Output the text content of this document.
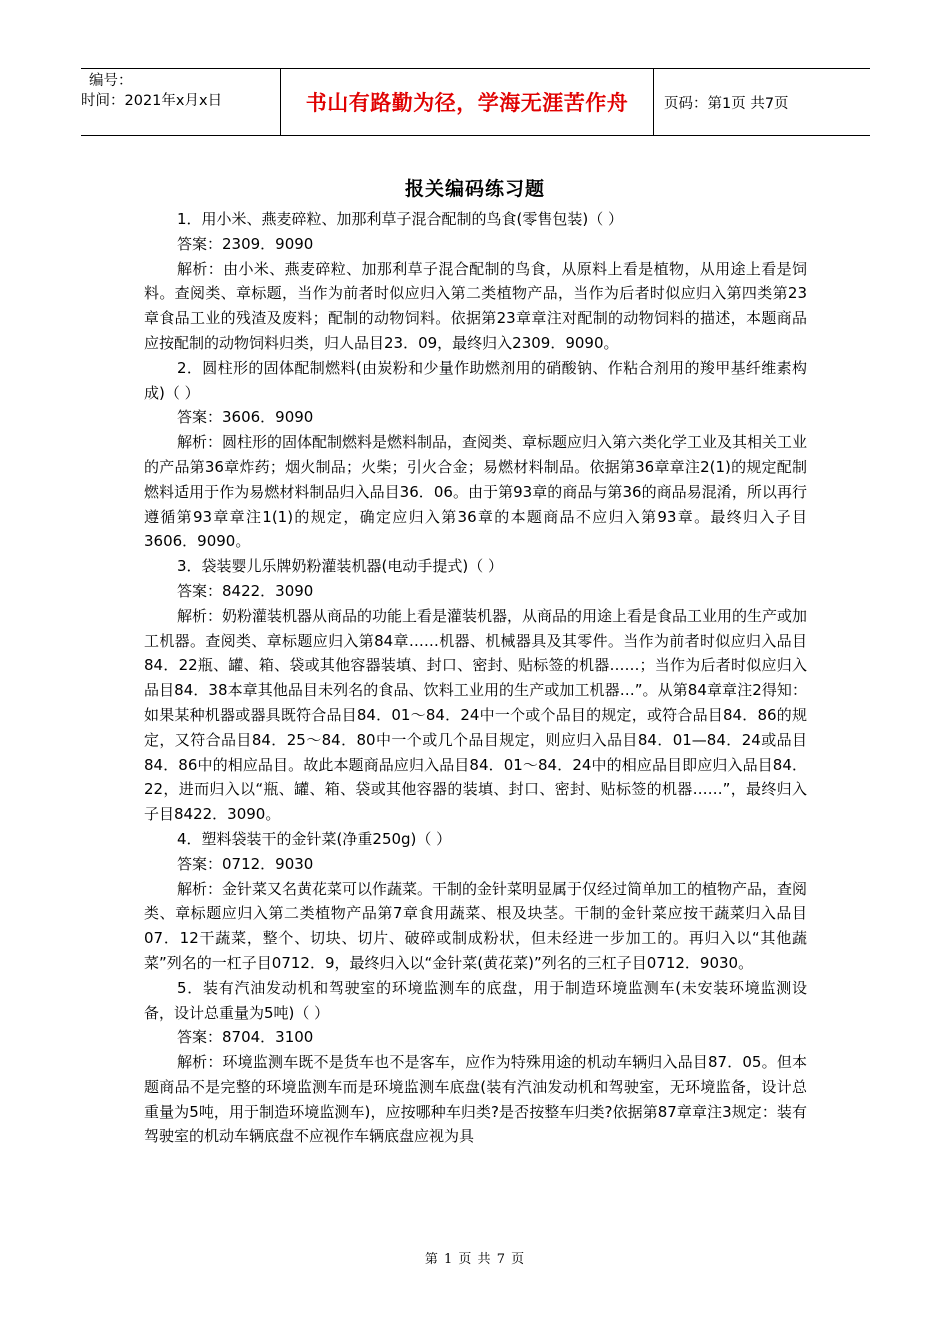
编号：
时间：2021年x月x日	书山有路勤为径，学海无涯苦作舟	页码：第1页 共7页
报关编码练习题

1．用小米、燕麦碎粒、加那利草子混合配制的鸟食(零售包装)（ ）

答案：2309．9090

解析：由小米、燕麦碎粒、加那利草子混合配制的鸟食，从原料上看是植物，从用途上看是饲料。查阅类、章标题，当作为前者时似应归入第二类植物产品，当作为后者时似应归入第四类第23章食品工业的残渣及废料；配制的动物饲料。依据第23章章注对配制的动物饲料的描述，本题商品应按配制的动物饲料归类，归人品目23．09，最终归入2309．9090。

2．圆柱形的固体配制燃料(由炭粉和少量作助燃剂用的硝酸钠、作粘合剂用的羧甲基纤维素构成)（ ）

答案：3606．9090

解析：圆柱形的固体配制燃料是燃料制品，查阅类、章标题应归入第六类化学工业及其相关工业的产品第36章炸药；烟火制品；火柴；引火合金；易燃材料制品。依据第36章章注2(1)的规定配制燃料适用于作为易燃材料制品归入品目36．06。由于第93章的商品与第36的商品易混淆，所以再行遵循第93章章注1(1)的规定，确定应归入第36章的本题商品不应归入第93章。最终归入子目3606．9090。

3．袋装婴儿乐牌奶粉灌装机器(电动手提式)（ ）

答案：8422．3090

解析：奶粉灌装机器从商品的功能上看是灌装机器，从商品的用途上看是食品工业用的生产或加工机器。查阅类、章标题应归入第84章……机器、机械器具及其零件。当作为前者时似应归入品目84．22瓶、罐、箱、袋或其他容器装填、封口、密封、贴标签的机器……；当作为后者时似应归入品目84．38本章其他品目未列名的食品、饮料工业用的生产或加工机器…”。从第84章章注2得知：如果某种机器或器具既符合品目84．01～84．24中一个或个品目的规定，或符合品目84．86的规定，又符合品目84．25～84．80中一个或几个品目规定，则应归入品目84．01—84．24或品目84．86中的相应品目。故此本题商品应归入品目84．01～84．24中的相应品目即应归入品目84．22，进而归入以“瓶、罐、箱、袋或其他容器的装填、封口、密封、贴标签的机器……”，最终归入子目8422．3090。

4．塑料袋装干的金针菜(净重250g)（ ）

答案：0712．9030

解析：金针菜又名黄花菜可以作蔬菜。干制的金针菜明显属于仅经过简单加工的植物产品，查阅类、章标题应归入第二类植物产品第7章食用蔬菜、根及块茎。干制的金针菜应按干蔬菜归入品目07．12干蔬菜，整个、切块、切片、破碎或制成粉状，但未经进一步加工的。再归入以“其他蔬菜”列名的一杠子目0712．9，最终归入以“金针菜(黄花菜)”列名的三杠子目0712．9030。

5．装有汽油发动机和驾驶室的环境监测车的底盘，用于制造环境监测车(未安装环境监测设备，设计总重量为5吨)（ ）

答案：8704．3100

解析：环境监测车既不是货车也不是客车，应作为特殊用途的机动车辆归入品目87．05。但本题商品不是完整的环境监测车而是环境监测车底盘(装有汽油发动机和驾驶室，无环境监备，设计总重量为5吨，用于制造环境监测车)，应按哪种车归类?是否按整车归类?依据第87章章注3规定：装有驾驶室的机动车辆底盘不应视作车辆底盘应视为具

第 1 页 共 7 页
